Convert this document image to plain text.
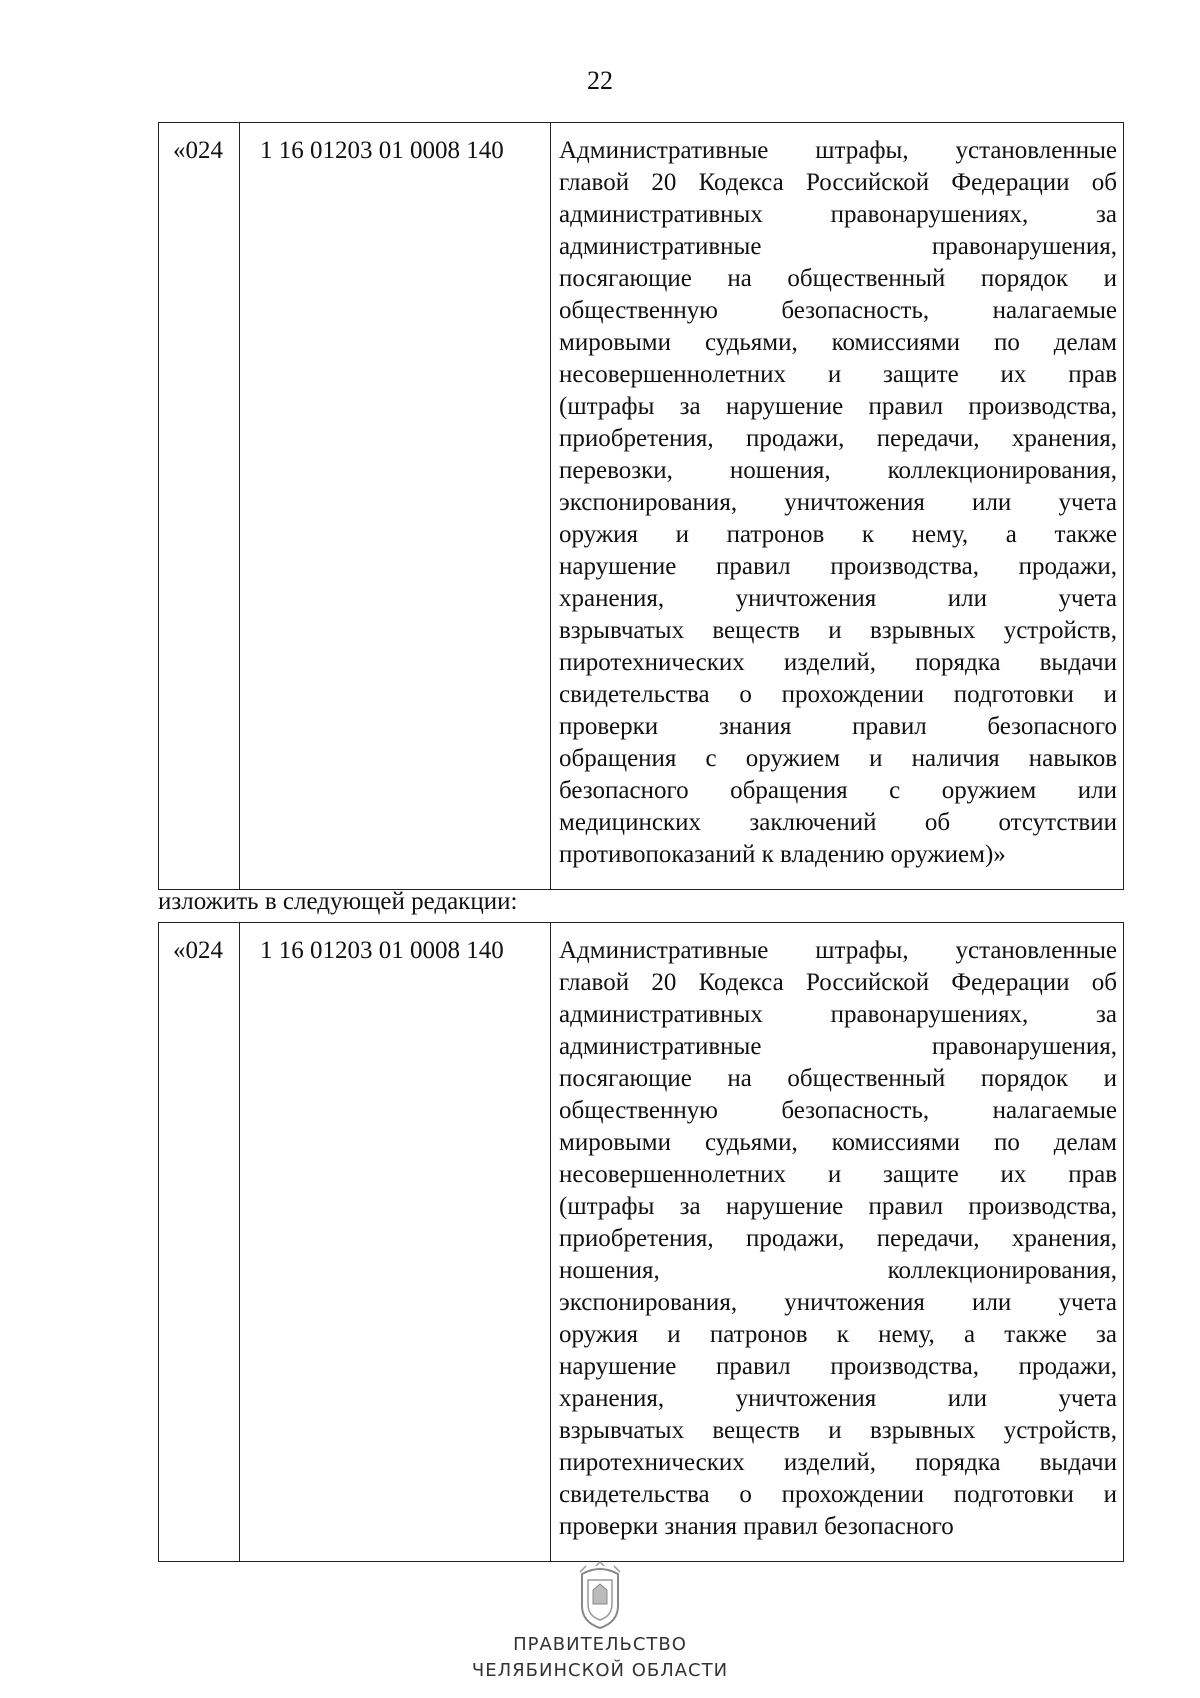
22
«024	1 16 01203 01 0008 140	Административные штрафы, установленные
главой 20 Кодекса Российской Федерации об
административных правонарушениях, за
административные правонарушения,
посягающие на общественный порядок и
общественную безопасность, налагаемые
мировыми судьями, комиссиями по делам
несовершеннолетних и защите их прав
(штрафы за нарушение правил производства,
приобретения, продажи, передачи, хранения,
перевозки, ношения, коллекционирования,
экспонирования, уничтожения или учета
оружия и патронов к нему, а также
нарушение правил производства, продажи,
хранения, уничтожения или учета
взрывчатых веществ и взрывных устройств,
пиротехнических изделий, порядка выдачи
свидетельства о прохождении подготовки и
проверки знания правил безопасного
обращения с оружием и наличия навыков
безопасного обращения с оружием или
медицинских заключений об отсутствии
противопоказаний к владению оружием)»
изложить в следующей редакции:
«024	1 16 01203 01 0008 140	Административные штрафы, установленные
главой 20 Кодекса Российской Федерации об
административных правонарушениях, за
административные правонарушения,
посягающие на общественный порядок и
общественную безопасность, налагаемые
мировыми судьями, комиссиями по делам
несовершеннолетних и защите их прав
(штрафы за нарушение правил производства,
приобретения, продажи, передачи, хранения,
ношения, коллекционирования,
экспонирования, уничтожения или учета
оружия и патронов к нему, а также за
нарушение правил производства, продажи,
хранения, уничтожения или учета
взрывчатых веществ и взрывных устройств,
пиротехнических изделий, порядка выдачи
свидетельства о прохождении подготовки и
проверки знания правил безопасного
ПРАВИТЕЛЬСТВО
ЧЕЛЯБИНСКОЙ ОБЛАСТИ
